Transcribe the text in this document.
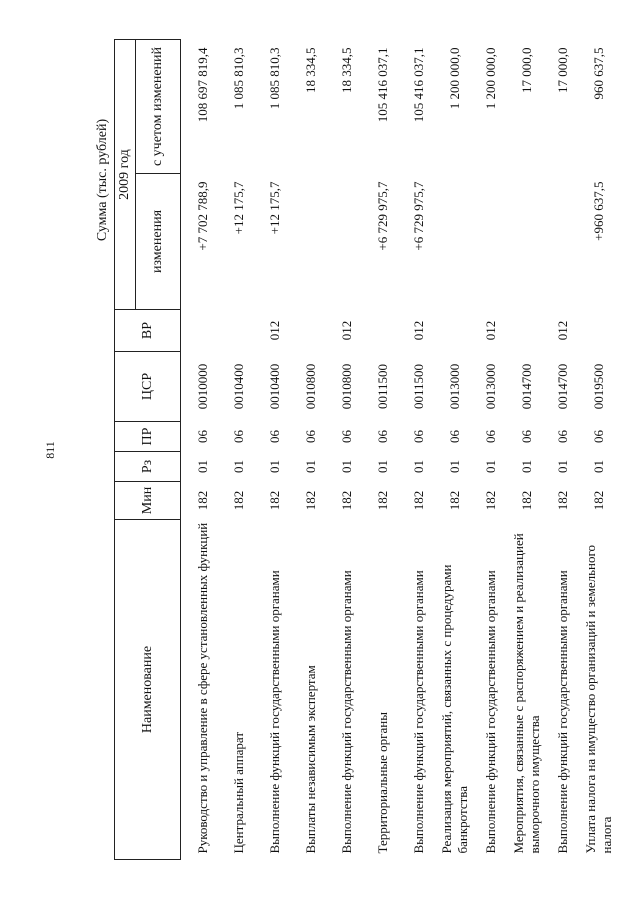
811
Сумма (тыс. рублей)
Наименование	Мин	Рз	ПР	ЦСР	ВР	2009 год	
						изменения	с учетом изменений
Руководство и управление в сфере установленных функций	182	01	06	0010000		+7 702 788,9	108 697 819,4
Центральный аппарат	182	01	06	0010400		+12 175,7	1 085 810,3
Выполнение функций государственными органами	182	01	06	0010400	012	+12 175,7	1 085 810,3
Выплаты независимым экспертам	182	01	06	0010800			18 334,5
Выполнение функций государственными органами	182	01	06	0010800	012		18 334,5
Территориальные органы	182	01	06	0011500		+6 729 975,7	105 416 037,1
Выполнение функций государственными органами	182	01	06	0011500	012	+6 729 975,7	105 416 037,1
Реализация мероприятий, связанных с процедурами банкротства	182	01	06	0013000			1 200 000,0
Выполнение функций государственными органами	182	01	06	0013000	012		1 200 000,0
Мероприятия, связанные с распоряжением и реализацией выморочного имущества	182	01	06	0014700			17 000,0
Выполнение функций государственными органами	182	01	06	0014700	012		17 000,0
Уплата налога на имущество организаций и земельного налога	182	01	06	0019500		+960 637,5	960 637,5
